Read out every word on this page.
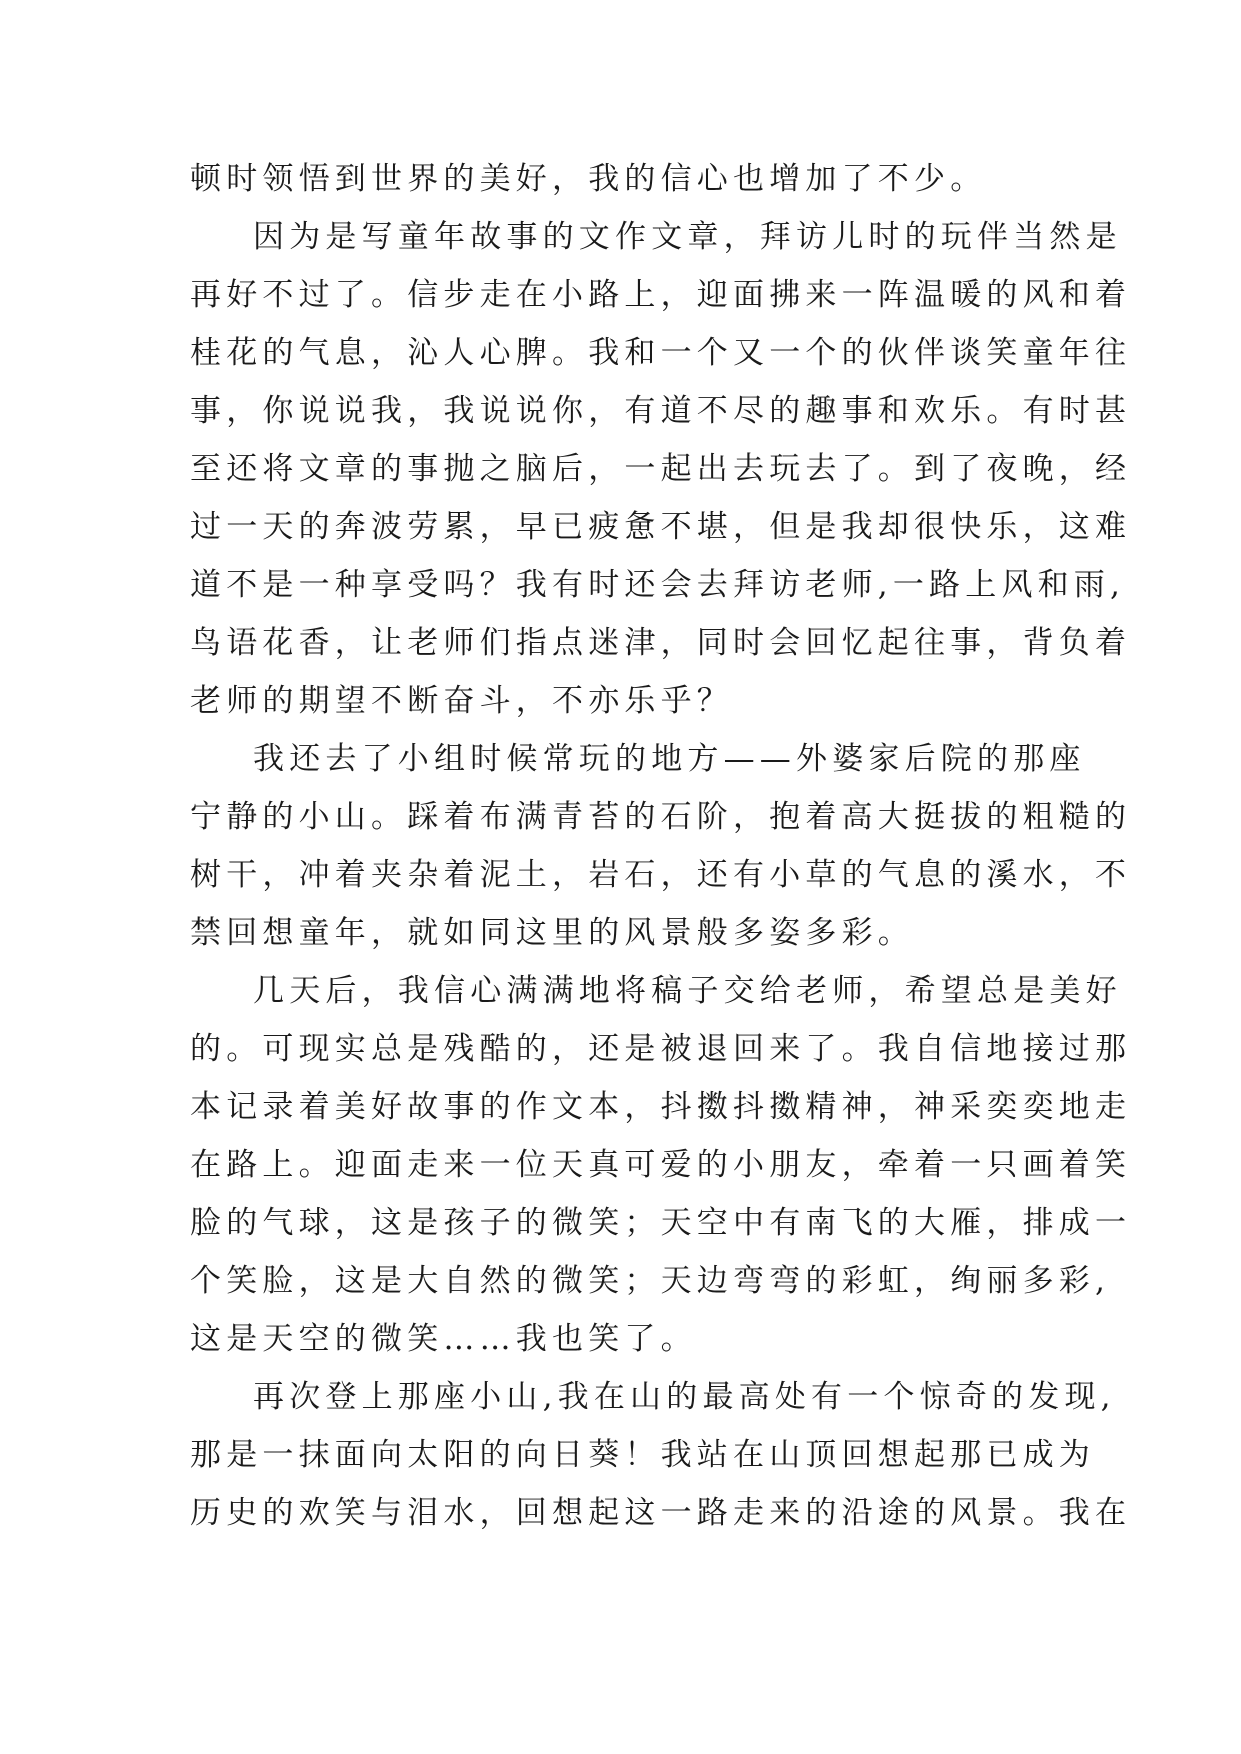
顿时领悟到世界的美好，我的信心也增加了不少。
因为是写童年故事的文作文章，拜访儿时的玩伴当然是
再好不过了。信步走在小路上，迎面拂来一阵温暖的风和着
桂花的气息，沁人心脾。我和一个又一个的伙伴谈笑童年往
事，你说说我，我说说你，有道不尽的趣事和欢乐。有时甚
至还将文章的事抛之脑后，一起出去玩去了。到了夜晚，经
过一天的奔波劳累，早已疲惫不堪，但是我却很快乐，这难
道不是一种享受吗？我有时还会去拜访老师,一路上风和雨,
鸟语花香，让老师们指点迷津，同时会回忆起往事，背负着
老师的期望不断奋斗，不亦乐乎？
我还去了小组时候常玩的地方——外婆家后院的那座
宁静的小山。踩着布满青苔的石阶，抱着高大挺拔的粗糙的
树干，冲着夹杂着泥土，岩石，还有小草的气息的溪水，不
禁回想童年，就如同这里的风景般多姿多彩。
几天后，我信心满满地将稿子交给老师，希望总是美好
的。可现实总是残酷的，还是被退回来了。我自信地接过那
本记录着美好故事的作文本，抖擞抖擞精神，神采奕奕地走
在路上。迎面走来一位天真可爱的小朋友，牵着一只画着笑
脸的气球，这是孩子的微笑；天空中有南飞的大雁，排成一
个笑脸，这是大自然的微笑；天边弯弯的彩虹，绚丽多彩,
这是天空的微笑……我也笑了。
再次登上那座小山,我在山的最高处有一个惊奇的发现,
那是一抹面向太阳的向日葵！我站在山顶回想起那已成为
历史的欢笑与泪水，回想起这一路走来的沿途的风景。我在
